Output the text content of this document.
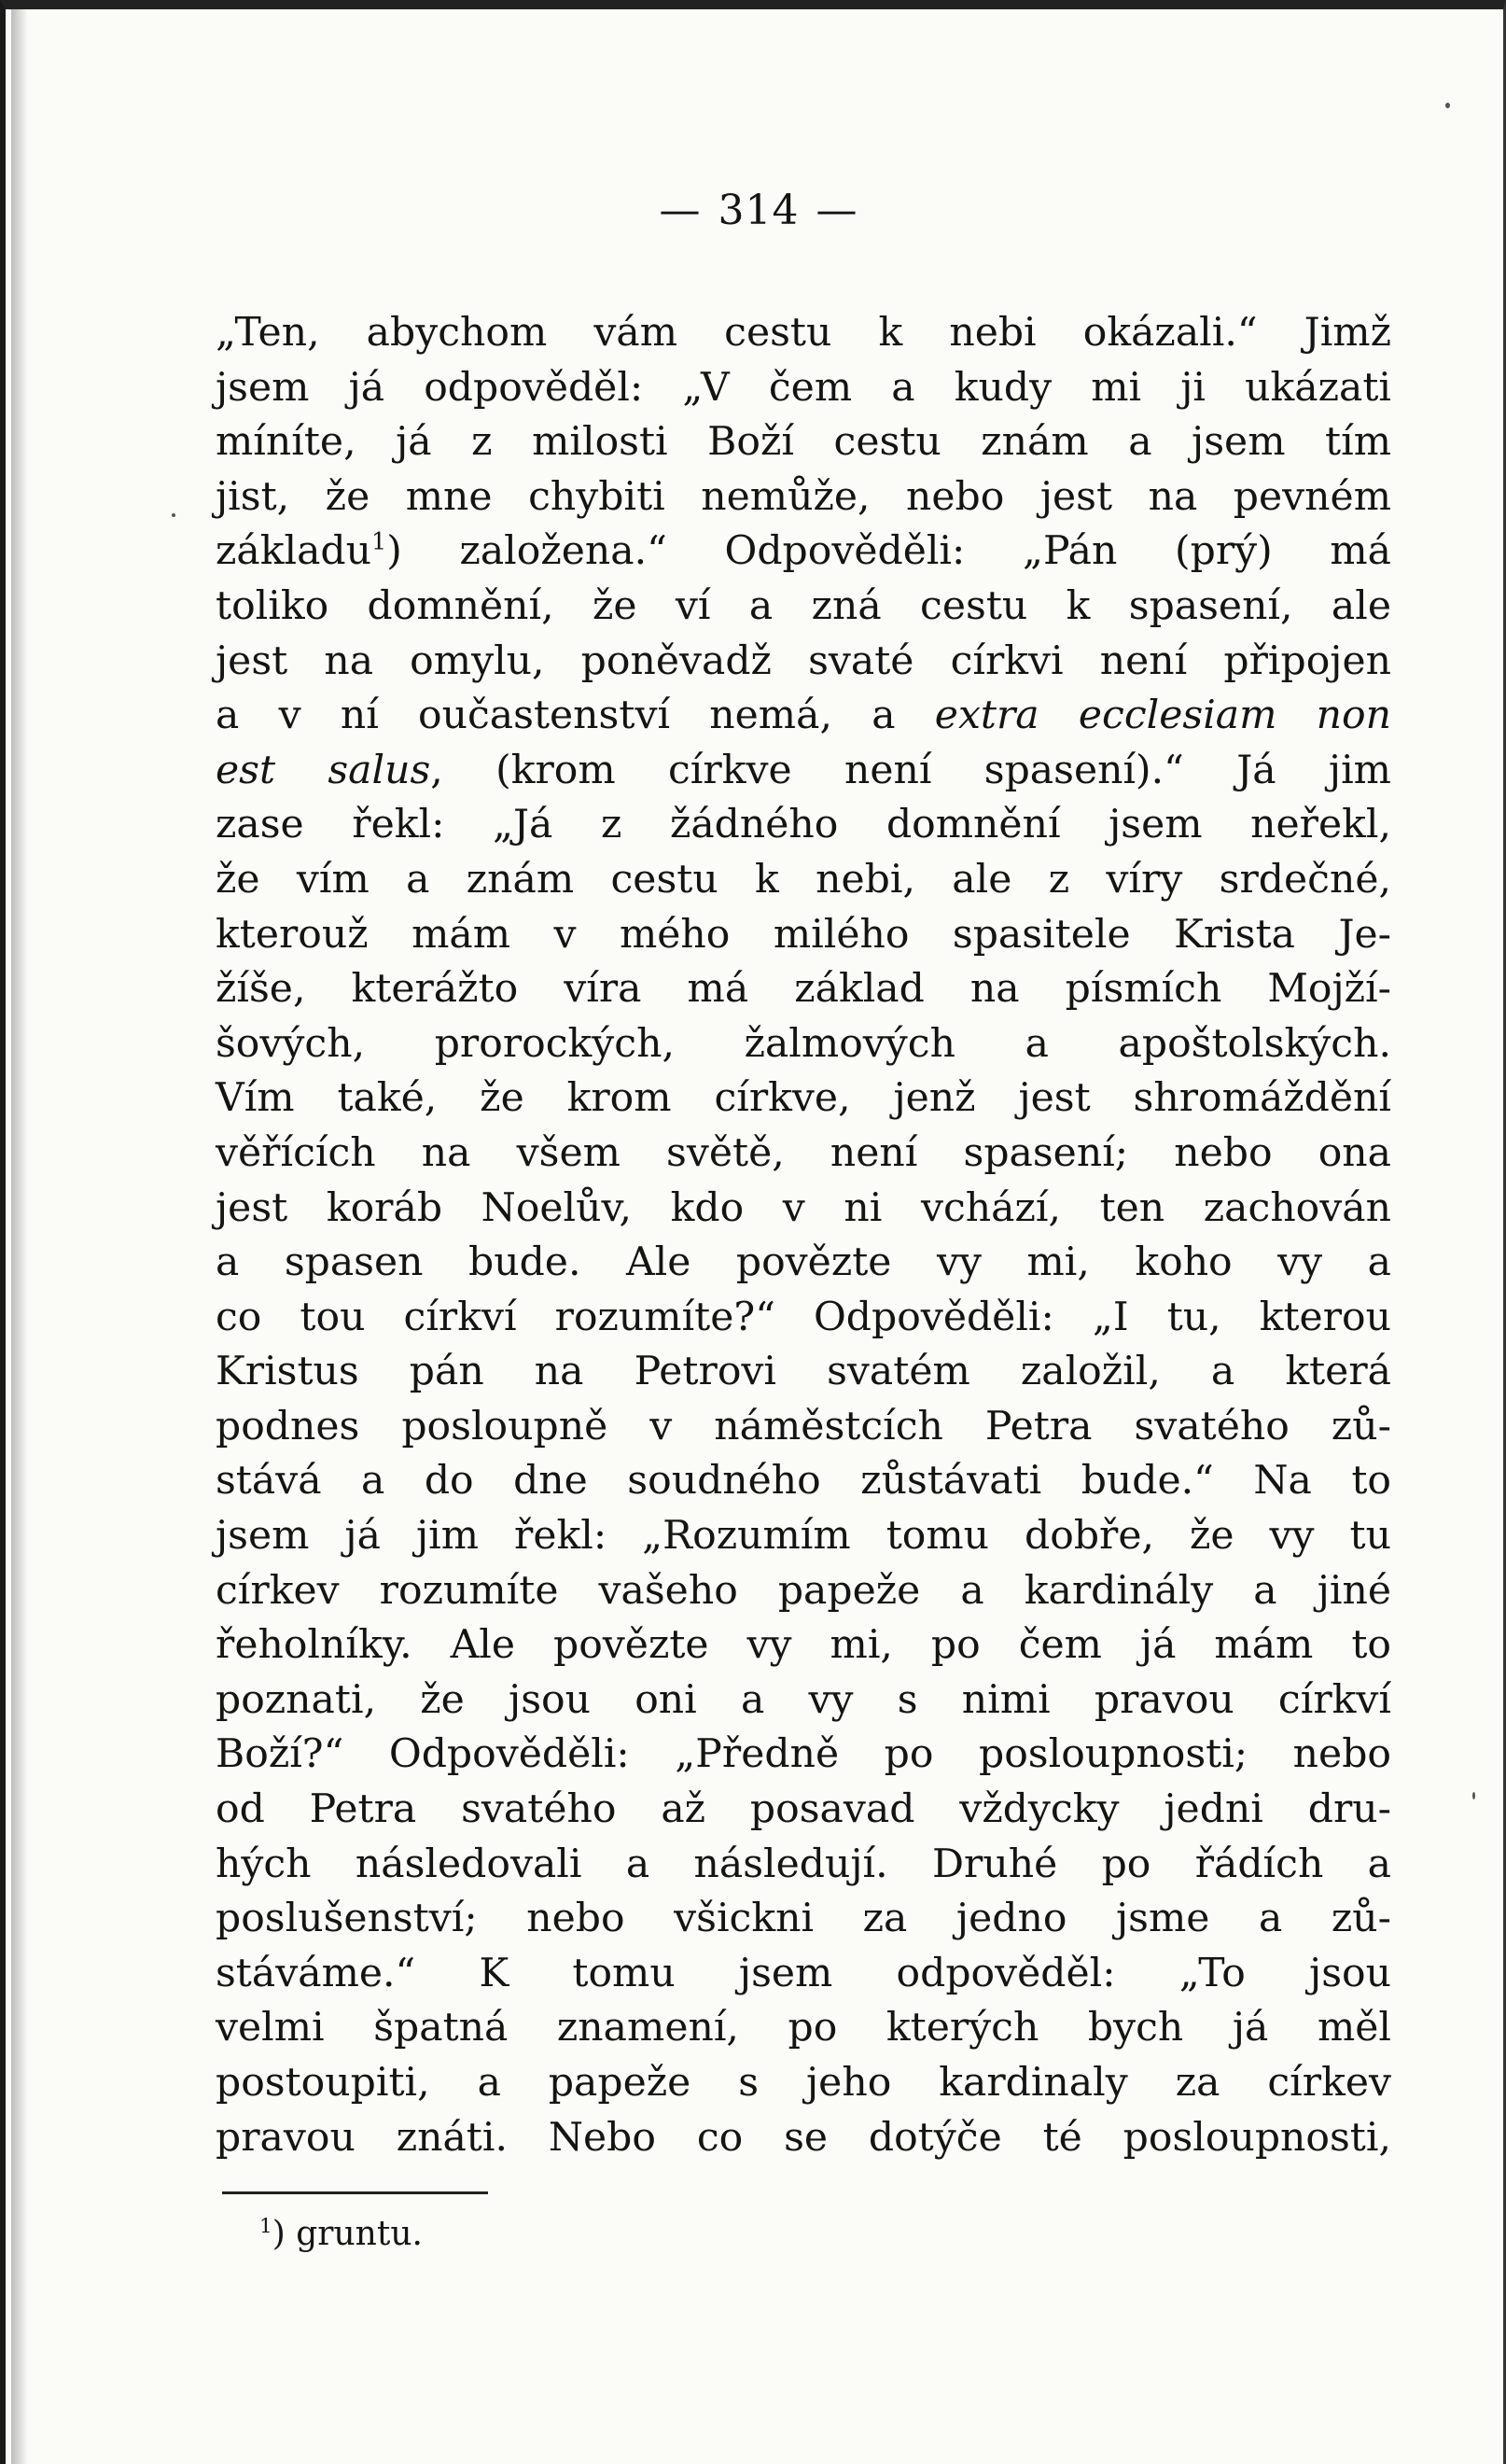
— 314 —
„Ten, abychom vám cestu k nebi okázali.“ Jimž
jsem já odpověděl: „V čem a kudy mi ji ukázati
míníte, já z milosti Boží cestu znám a jsem tím
jist, že mne chybiti nemůže, nebo jest na pevném
základu$^1$) založena.“ Odpověděli: „Pán (prý) má
toliko domnění, že ví a zná cestu k spasení, ale
jest na omylu, poněvadž svaté církvi není připojen
a v ní oučastenství nemá, a extra ecclesiam non
est salus, (krom církve není spasení).“ Já jim
zase řekl: „Já z žádného domnění jsem neřekl,
že vím a znám cestu k nebi, ale z víry srdečné,
kterouž mám v mého milého spasitele Krista Je-
žíše, kterážto víra má základ na písmích Mojží-
šových, prorockých, žalmových a apoštolských.
Vím také, že krom církve, jenž jest shromáždění
věřících na všem světě, není spasení; nebo ona
jest koráb Noelův, kdo v ni vchází, ten zachován
a spasen bude. Ale povězte vy mi, koho vy a
co tou církví rozumíte?“ Odpověděli: „I tu, kterou
Kristus pán na Petrovi svatém založil, a která
podnes posloupně v náměstcích Petra svatého zů-
stává a do dne soudného zůstávati bude.“ Na to
jsem já jim řekl: „Rozumím tomu dobře, že vy tu
církev rozumíte vašeho papeže a kardinály a jiné
řeholníky. Ale povězte vy mi, po čem já mám to
poznati, že jsou oni a vy s nimi pravou církví
Boží?“ Odpověděli: „Předně po posloupnosti; nebo
od Petra svatého až posavad vždycky jedni dru-
hých následovali a následují. Druhé po řádích a
poslušenství; nebo všickni za jedno jsme a zů-
stáváme.“ K tomu jsem odpověděl: „To jsou
velmi špatná znamení, po kterých bych já měl
postoupiti, a papeže s jeho kardinaly za církev
pravou znáti. Nebo co se dotýče té posloupnosti,
$^1$) gruntu.
